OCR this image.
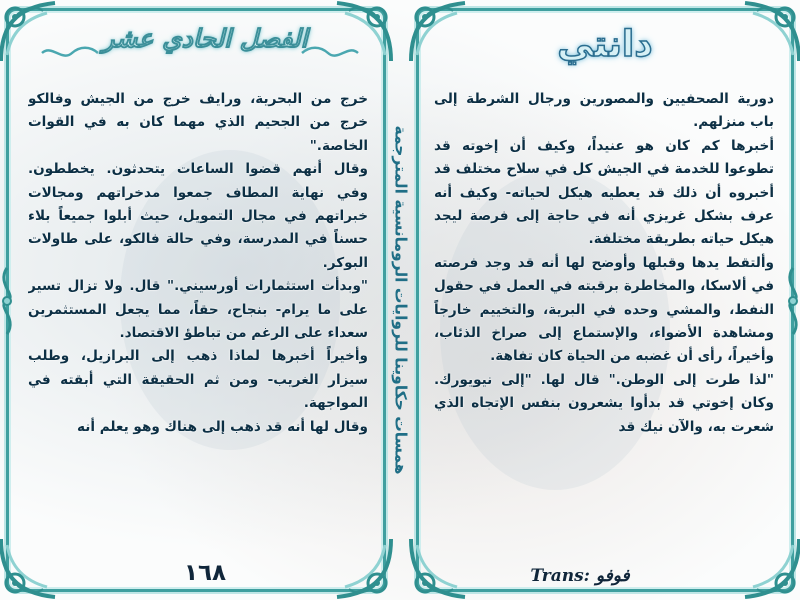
الفصل الحادي عشر	دانتي
همسات حكاوينا للروايات الرومانسية المترجمة

خرج من البحرية، ورايف خرج من الجيش وفالكو خرج من الجحيم الذي مهما كان به في القوات الخاصة."

وقال أنهم قضوا الساعات يتحدثون. يخططون. وفي نهاية المطاف جمعوا مدخراتهم ومجالات خبراتهم في مجال التمويل، حيث أبلوا جميعاً بلاء حسناً في المدرسة، وفي حالة فالكو، على طاولات البوكر.

"وبدأت استثمارات أورسيني." قال. ولا تزال تسير على ما يرام- بنجاح، حقاً، مما يجعل المستثمرين سعداء على الرغم من تباطؤ الاقتصاد.

وأخيراً أخبرها لماذا ذهب إلى البرازيل، وطلب سيزار الغريب- ومن ثم الحقيقة التي أبقته في المواجهة.

وقال لها أنه قد ذهب إلى هناك وهو يعلم أنه

دورية الصحفيين والمصورين ورجال الشرطة إلى باب منزلهم.

أخبرها كم كان هو عنيداً، وكيف أن إخوته قد تطوعوا للخدمة في الجيش كل في سلاح مختلف قد أخبروه أن ذلك قد يعطيه هيكل لحياته- وكيف أنه عرف بشكل غريزي أنه في حاجة إلى فرصة ليجد هيكل حياته بطريقة مختلفة.

وألتقط يدها وقبلها وأوضح لها أنه قد وجد فرصته في ألاسكا، والمخاطرة برقبته في العمل في حقول النفط، والمشي وحده في البرية، والتخييم خارجاً ومشاهدة الأضواء، والإستماع إلى صراخ الذئاب، وأخيراً، رأى أن غضبه من الحياة كان تفاهة.

"لذا طرت إلى الوطن." قال لها. "إلى نيويورك. وكان إخوتي قد بدأوا يشعرون بنفس الإتجاه الذي شعرت به، والآن نيك قد

١٦٨	Trans: فوفو
